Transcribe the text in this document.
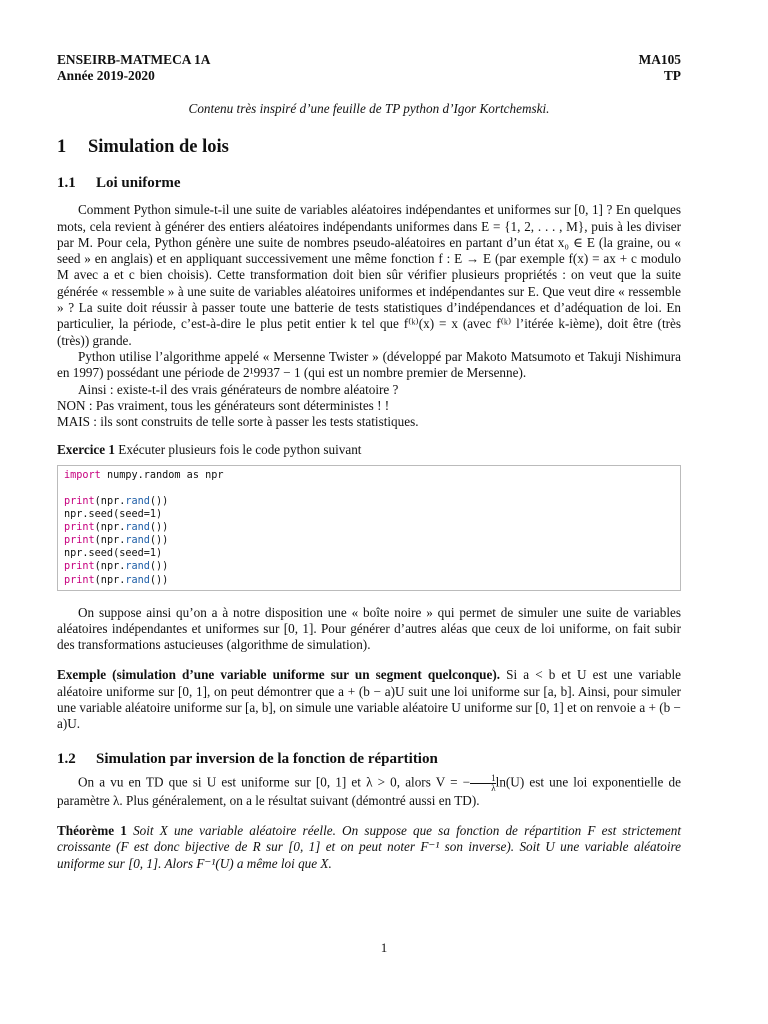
ENSEIRB-MATMECA 1A
Année 2019-2020
MA105
TP
Contenu très inspiré d’une feuille de TP python d’Igor Kortchemski.
1 Simulation de lois
1.1 Loi uniforme

Comment Python simule-t-il une suite de variables aléatoires indépendantes et uniformes sur [0, 1] ? En quelques mots, cela revient à générer des entiers aléatoires indépendants uniformes dans E = {1, 2, . . . , M}, puis à les diviser par M. Pour cela, Python génère une suite de nombres pseudo-aléatoires en partant d’un état x₀ ∈ E (la graine, ou « seed » en anglais) et en appliquant successivement une même fonction f : E → E (par exemple f(x) = ax + c modulo M avec a et c bien choisis). Cette transformation doit bien sûr vérifier plusieurs propriétés : on veut que la suite générée « ressemble » à une suite de variables aléatoires uniformes et indépendantes sur E. Que veut dire « ressemble » ? La suite doit réussir à passer toute une batterie de tests statistiques d’indépendances et d’adéquation de loi. En particulier, la période, c’est-à-dire le plus petit entier k tel que f⁽ᵏ⁾(x) = x (avec f⁽ᵏ⁾ l’itérée k-ième), doit être (très (très)) grande.

Python utilise l’algorithme appelé « Mersenne Twister » (développé par Makoto Matsumoto et Takuji Nishimura en 1997) possédant une période de 2¹9937 − 1 (qui est un nombre premier de Mersenne).

Ainsi : existe-t-il des vrais générateurs de nombre aléatoire ?

NON : Pas vraiment, tous les générateurs sont déterministes ! !

MAIS : ils sont construits de telle sorte à passer les tests statistiques.

Exercice 1 Exécuter plusieurs fois le code python suivant

import numpy.random as npr

print(npr.rand())
npr.seed(seed=1)
print(npr.rand())
print(npr.rand())
npr.seed(seed=1)
print(npr.rand())
print(npr.rand())

On suppose ainsi qu’on a à notre disposition une « boîte noire » qui permet de simuler une suite de variables aléatoires indépendantes et uniformes sur [0, 1]. Pour générer d’autres aléas que ceux de loi uniforme, on fait subir des transformations astucieuses (algorithme de simulation).

Exemple (simulation d’une variable uniforme sur un segment quelconque). Si a < b et U est une variable aléatoire uniforme sur [0, 1], on peut démontrer que a + (b − a)U suit une loi uniforme sur [a, b]. Ainsi, pour simuler une variable aléatoire uniforme sur [a, b], on simule une variable aléatoire U uniforme sur [0, 1] et on renvoie a + (b − a)U.

1.2 Simulation par inversion de la fonction de répartition

On a vu en TD que si U est uniforme sur [0, 1] et λ > 0, alors V = − $\frac{1}{\lambda} \ln(U)$ est une loi exponentielle de paramètre λ. Plus généralement, on a le résultat suivant (démontré aussi en TD).

Théorème 1 Soit X une variable aléatoire réelle. On suppose que sa fonction de répartition F est strictement croissante (F est donc bijective de R sur [0, 1] et on peut noter F⁻¹ son inverse). Soit U une variable aléatoire uniforme sur [0, 1]. Alors F⁻¹(U) a même loi que X.

1
